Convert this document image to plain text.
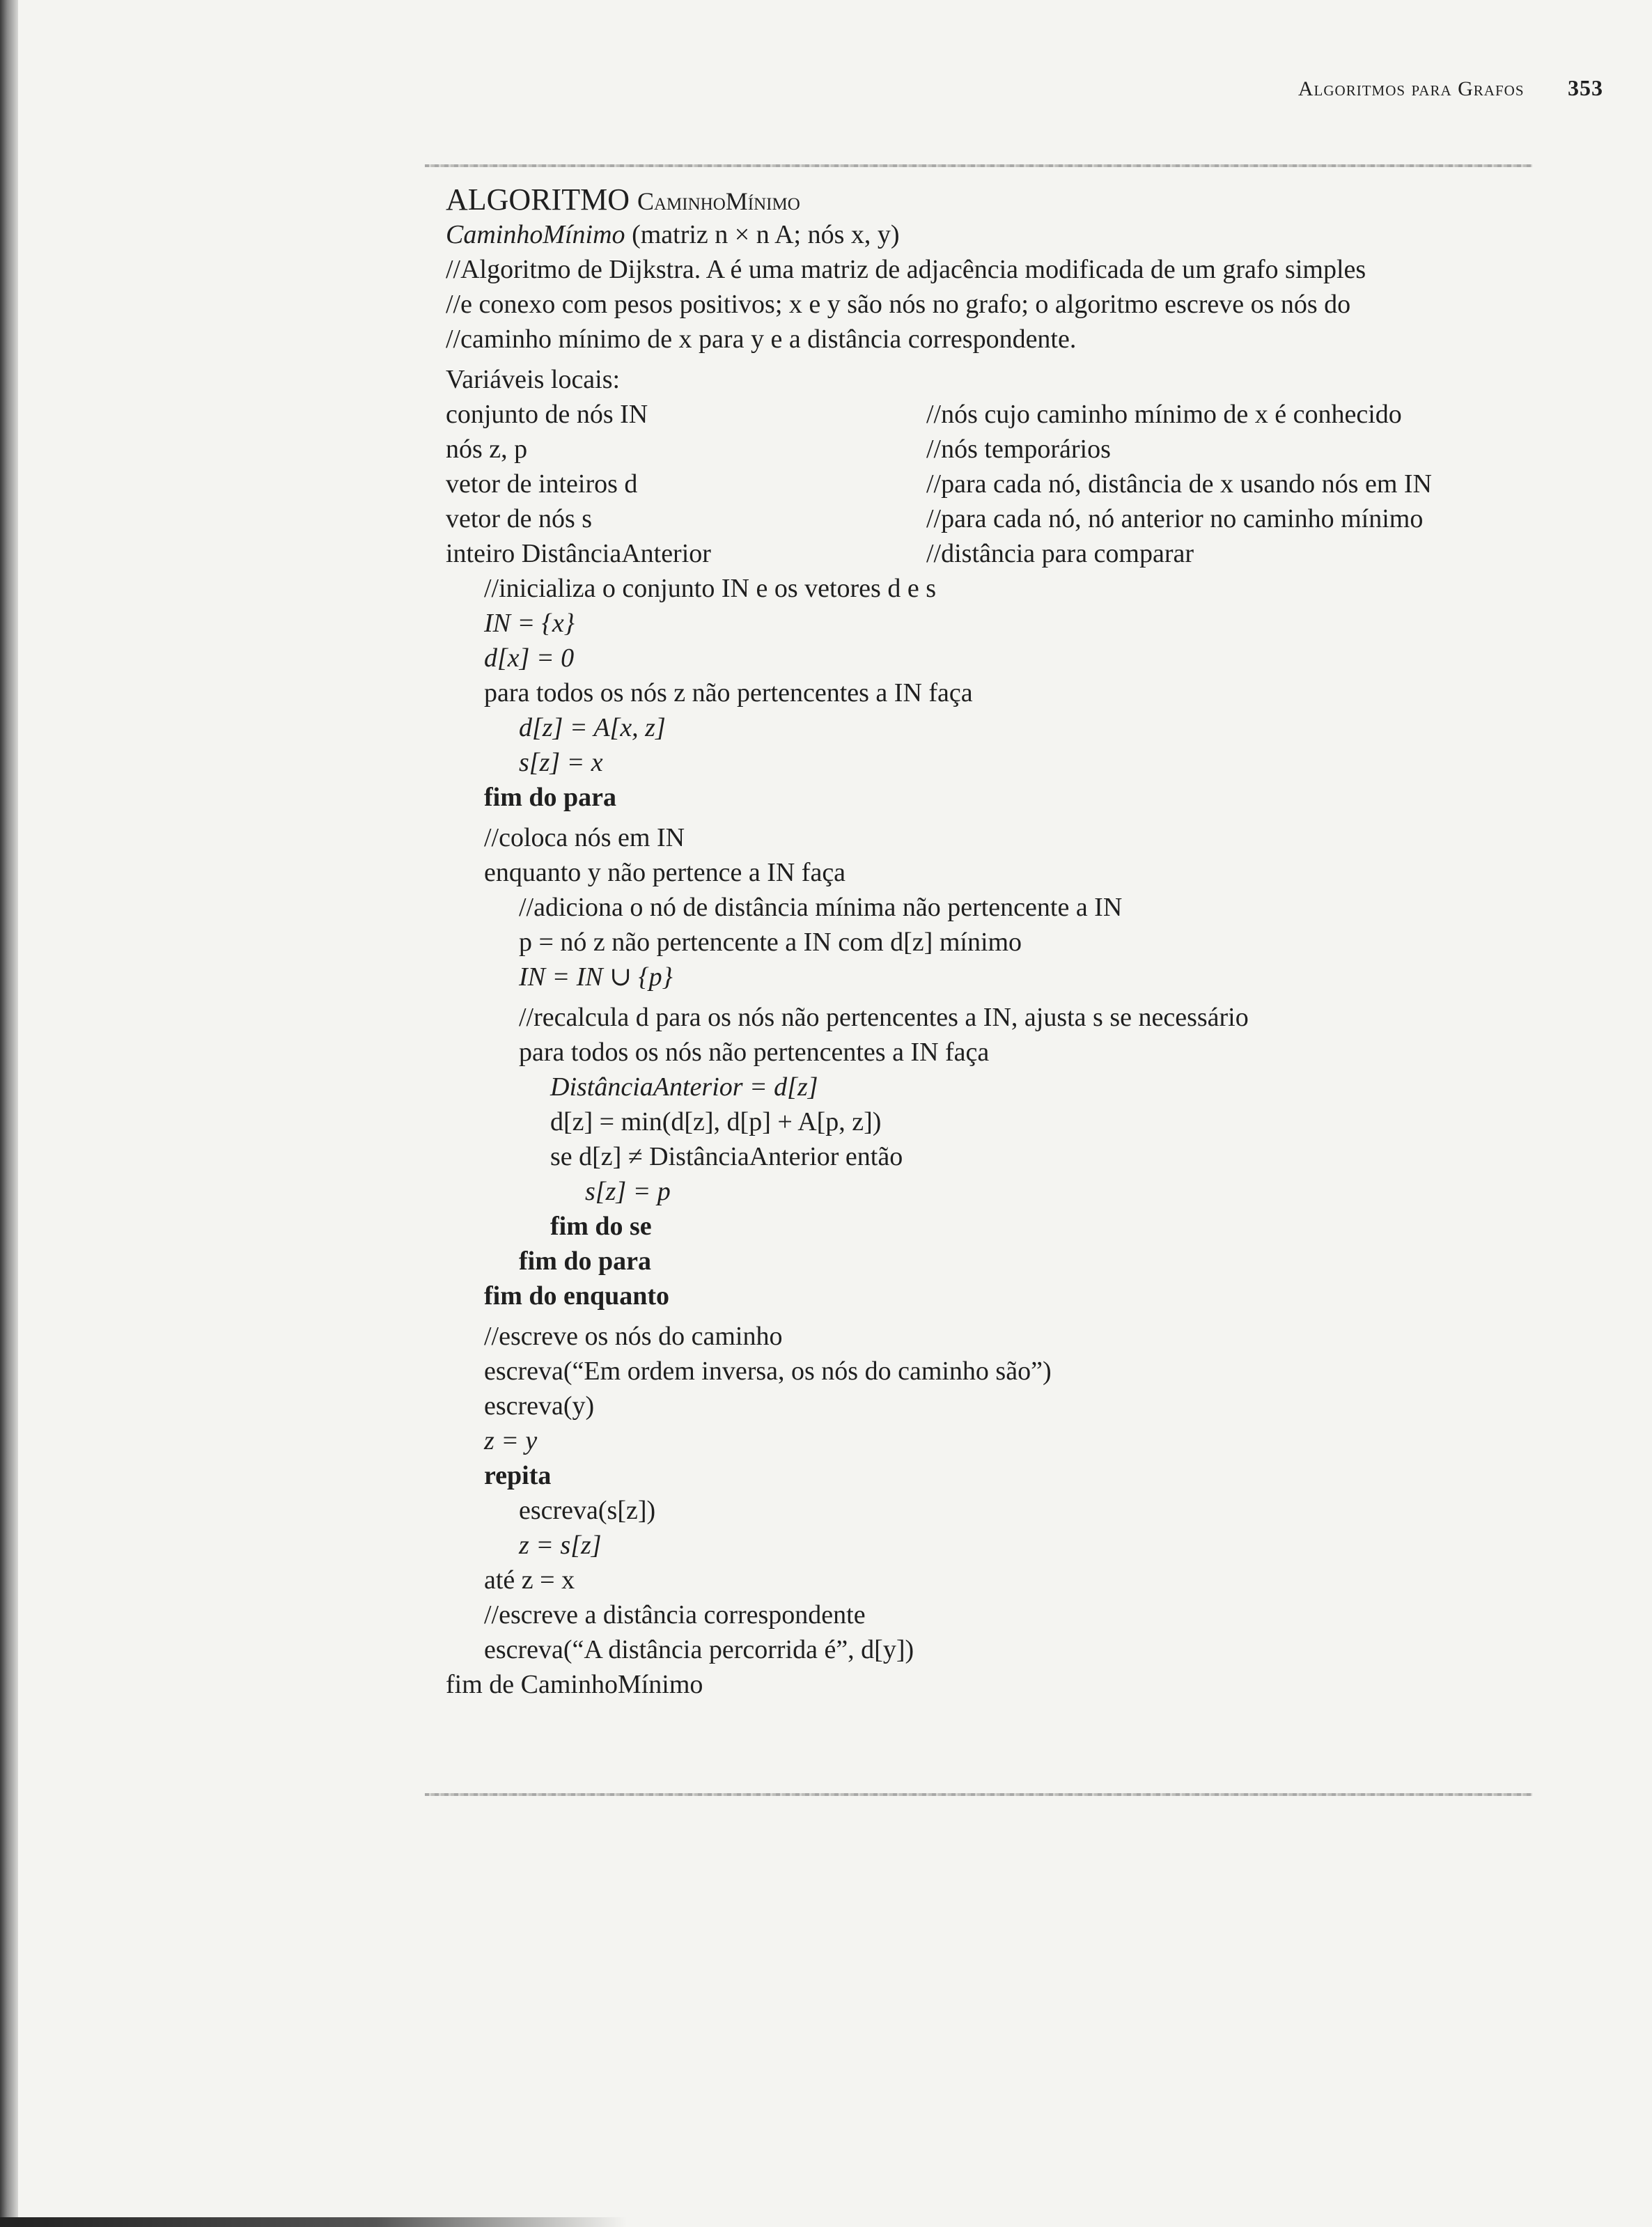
Algoritmos para Grafos 353
ALGORITMO CaminhoMínimo
CaminhoMínimo (matriz n × n A; nós x, y)
//Algoritmo de Dijkstra. A é uma matriz de adjacência modificada de um grafo simples
//e conexo com pesos positivos; x e y são nós no grafo; o algoritmo escreve os nós do
//caminho mínimo de x para y e a distância correspondente.
Variáveis locais:
conjunto de nós IN	//nós cujo caminho mínimo de x é conhecido
nós z, p	//nós temporários
vetor de inteiros d	//para cada nó, distância de x usando nós em IN
vetor de nós s	//para cada nó, nó anterior no caminho mínimo
inteiro DistânciaAnterior	//distância para comparar
//inicializa o conjunto IN e os vetores d e s
IN = {x}
d[x] = 0
para todos os nós z não pertencentes a IN faça
d[z] = A[x, z]
s[z] = x
fim do para
//coloca nós em IN
enquanto y não pertence a IN faça
//adiciona o nó de distância mínima não pertencente a IN
p = nó z não pertencente a IN com d[z] mínimo
IN = IN ∪ {p}
//recalcula d para os nós não pertencentes a IN, ajusta s se necessário
para todos os nós não pertencentes a IN faça
DistânciaAnterior = d[z]
d[z] = min(d[z], d[p] + A[p, z])
se d[z] ≠ DistânciaAnterior então
s[z] = p
fim do se
fim do para
fim do enquanto
//escreve os nós do caminho
escreva(“Em ordem inversa, os nós do caminho são”)
escreva(y)
z = y
repita
escreva(s[z])
z = s[z]
até z = x
//escreve a distância correspondente
escreva(“A distância percorrida é”, d[y])
fim de CaminhoMínimo
